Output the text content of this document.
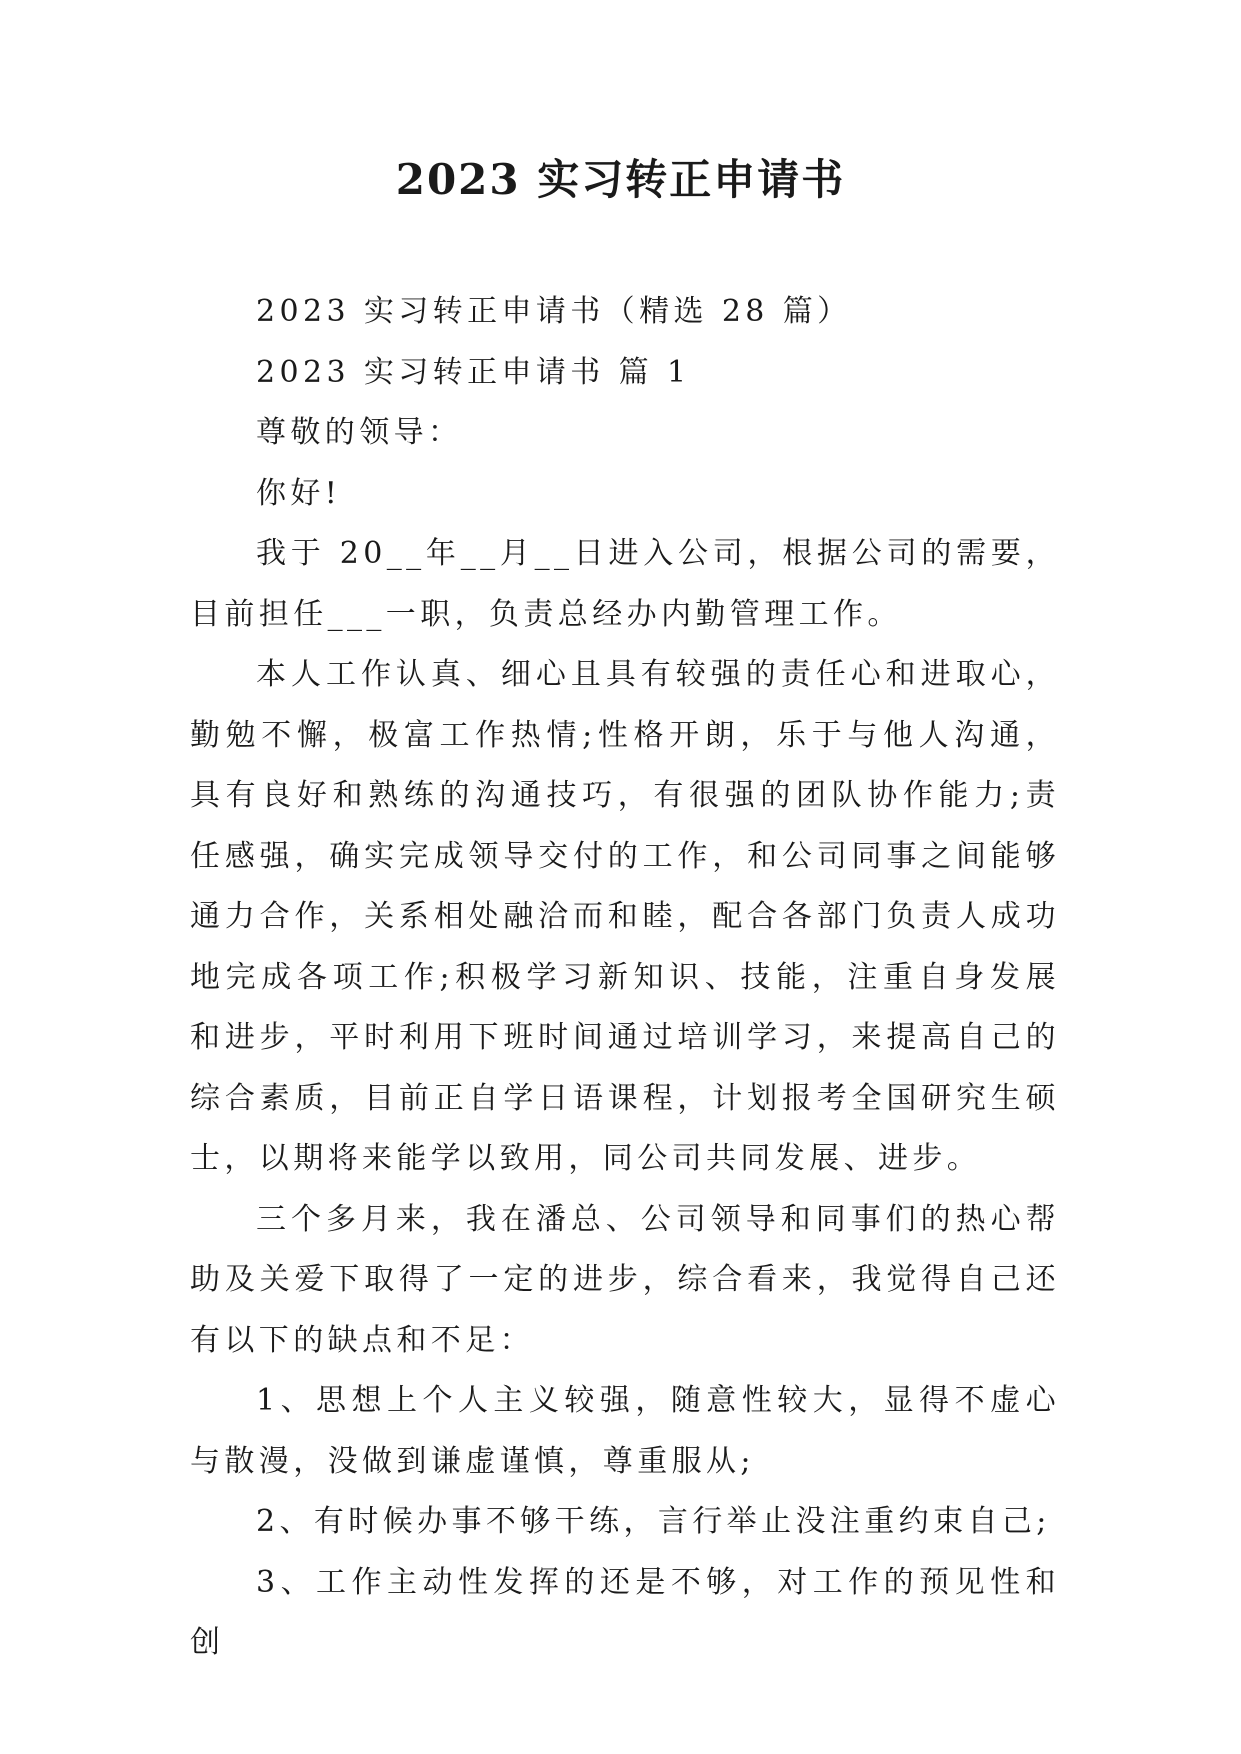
2023 实习转正申请书

2023 实习转正申请书（精选 28 篇）

2023 实习转正申请书 篇 1

尊敬的领导：

你好!

我于 20__年__月__日进入公司，根据公司的需要，目前担任___一职，负责总经办内勤管理工作。

本人工作认真、细心且具有较强的责任心和进取心，勤勉不懈，极富工作热情;性格开朗，乐于与他人沟通，具有良好和熟练的沟通技巧，有很强的团队协作能力;责任感强，确实完成领导交付的工作，和公司同事之间能够通力合作，关系相处融洽而和睦，配合各部门负责人成功地完成各项工作;积极学习新知识、技能，注重自身发展和进步，平时利用下班时间通过培训学习，来提高自己的综合素质，目前正自学日语课程，计划报考全国研究生硕士，以期将来能学以致用，同公司共同发展、进步。

三个多月来，我在潘总、公司领导和同事们的热心帮助及关爱下取得了一定的进步，综合看来，我觉得自己还有以下的缺点和不足：

1、思想上个人主义较强，随意性较大，显得不虚心与散漫，没做到谦虚谨慎，尊重服从;

2、有时候办事不够干练，言行举止没注重约束自己;

3、工作主动性发挥的还是不够，对工作的预见性和创
